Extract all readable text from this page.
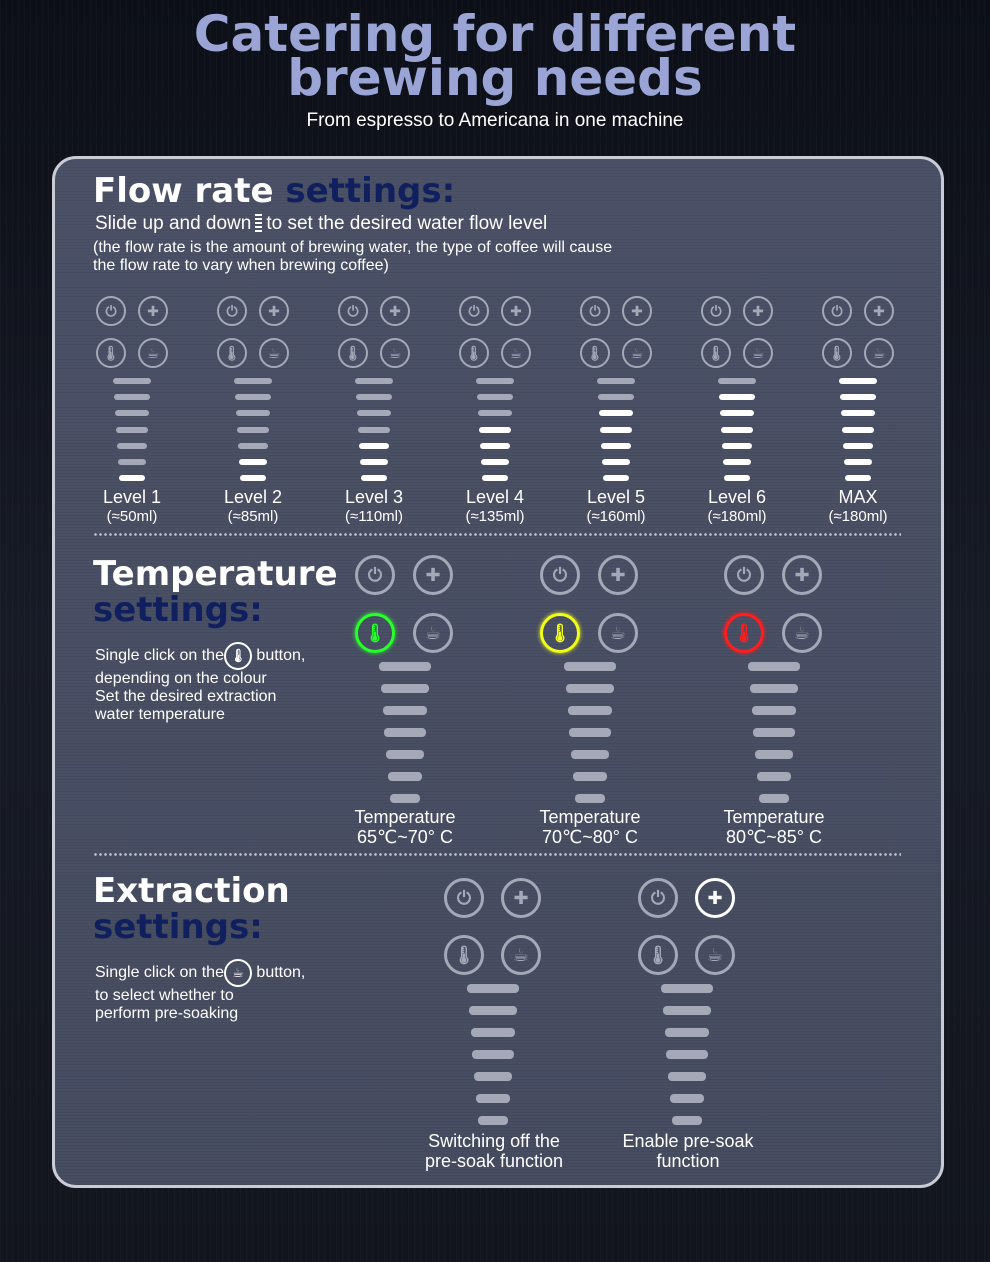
Catering for different
brewing needs
From espresso to Americana in one machine
Flow rate settings:
Slide up and down to set the desired water flow level
(the flow rate is the amount of brewing water, the type of coffee will cause
the flow rate to vary when brewing coffee)
⏻	✚
🌡	☕
Level 1
(≈50ml)
⏻	✚
🌡	☕
Level 2
(≈85ml)
⏻	✚
🌡	☕
Level 3
(≈110ml)
⏻	✚
🌡	☕
Level 4
(≈135ml)
⏻	✚
🌡	☕
Level 5
(≈160ml)
⏻	✚
🌡	☕
Level 6
(≈180ml)
⏻	✚
🌡	☕
MAX
(≈180ml)
Temperature
settings:
Single click on the 🌡 button,
depending on the colour
Set the desired extraction
water temperature
⏻	✚
🌡	☕
Temperature
65℃~70° C
⏻	✚
🌡	☕
Temperature
70℃~80° C
⏻	✚
🌡	☕
Temperature
80℃~85° C
Extraction
settings:
Single click on the ☕ button,
to select whether to
perform pre-soaking
⏻	✚
🌡	☕
Switching off the
pre-soak function
⏻	✚
🌡	☕
Enable pre-soak
function
